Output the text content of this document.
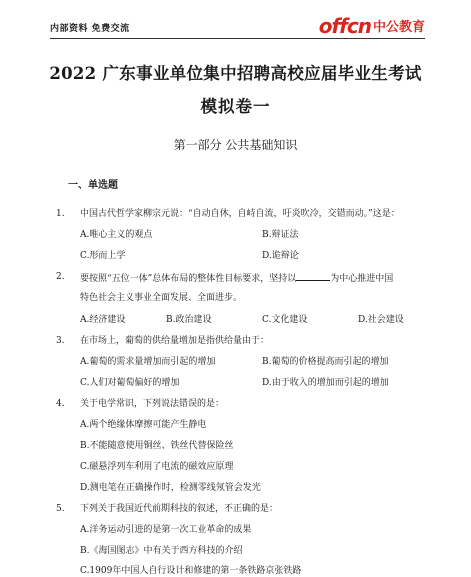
内部资料 免费交流	offcn 中公教育
2022 广东事业单位集中招聘高校应届毕业生考试
模拟卷一
第一部分 公共基础知识
一、单选题
1. 中国古代哲学家柳宗元说：“自动自休，自峙自流，吁炎吹冷，交错而动。”这是：
A.唯心主义的观点	B.辩证法
C.形而上学	D.诡辩论
2. 要按照“五位一体”总体布局的整体性目标要求，坚持以	为中心推进中国
特色社会主义事业全面发展、全面进步。
A.经济建设	B.政治建设	C.文化建设	D.社会建设
3. 在市场上，葡萄的供给量增加是指供给量由于：
A.葡萄的需求量增加而引起的增加	B.葡萄的价格提高而引起的增加
C.人们对葡萄偏好的增加	D.由于收入的增加而引起的增加
4. 关于电学常识，下列说法错误的是：
A.两个绝缘体摩擦可能产生静电
B.不能随意使用铜丝、铁丝代替保险丝
C.磁悬浮列车利用了电流的磁效应原理
D.测电笔在正确操作时，检测零线氖管会发光
5. 下列关于我国近代前期科技的叙述，不正确的是：
A.洋务运动引进的是第一次工业革命的成果
B.《海国图志》中有关于西方科技的介绍
C.1909年中国人自行设计和修建的第一条铁路京张铁路
